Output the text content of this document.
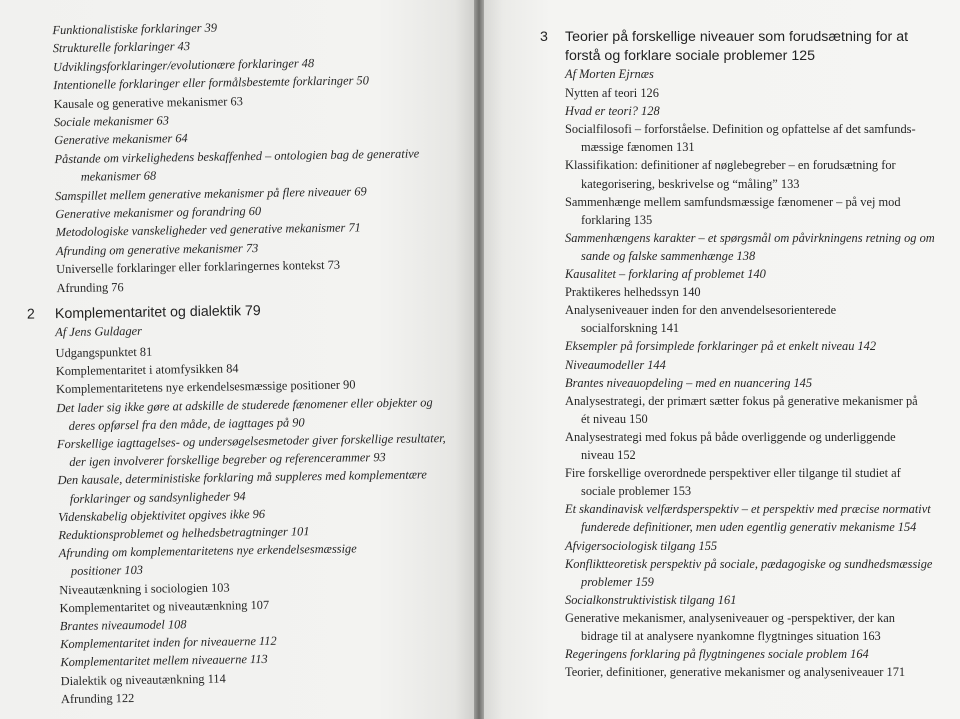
Funktionalistiske forklaringer 39
Strukturelle forklaringer 43
Udviklingsforklaringer/evolutionære forklaringer 48
Intentionelle forklaringer eller formålsbestemte forklaringer 50
Kausale og generative mekanismer 63
Sociale mekanismer 63
Generative mekanismer 64
Påstande om virkelighedens beskaffenhed – ontologien bag de generative
mekanismer 68
Samspillet mellem generative mekanismer på flere niveauer 69
Generative mekanismer og forandring 60
Metodologiske vanskeligheder ved generative mekanismer 71
Afrunding om generative mekanismer 73
Universelle forklaringer eller forklaringernes kontekst 73
Afrunding 76
2 Komplementaritet og dialektik 79
Af Jens Guldager
Udgangspunktet 81
Komplementaritet i atomfysikken 84
Komplementaritetens nye erkendelsesmæssige positioner 90
Det lader sig ikke gøre at adskille de studerede fænomener eller objekter og
deres opførsel fra den måde, de iagttages på 90
Forskellige iagttagelses- og undersøgelsesmetoder giver forskellige resultater,
der igen involverer forskellige begreber og referencerammer 93
Den kausale, deterministiske forklaring må suppleres med komplementære
forklaringer og sandsynligheder 94
Videnskabelig objektivitet opgives ikke 96
Reduktionsproblemet og helhedsbetragtninger 101
Afrunding om komplementaritetens nye erkendelsesmæssige
positioner 103
Niveautænkning i sociologien 103
Komplementaritet og niveautænkning 107
Brantes niveaumodel 108
Komplementaritet inden for niveauerne 112
Komplementaritet mellem niveauerne 113
Dialektik og niveautænkning 114
Afrunding 122
3 Teorier på forskellige niveauer som forudsætning for at
forstå og forklare sociale problemer 125
Af Morten Ejrnæs
Nytten af teori 126
Hvad er teori? 128
Socialfilosofi – forforståelse. Definition og opfattelse af det samfunds-
mæssige fænomen 131
Klassifikation: definitioner af nøglebegreber – en forudsætning for
kategorisering, beskrivelse og “måling” 133
Sammenhænge mellem samfundsmæssige fænomener – på vej mod
forklaring 135
Sammenhængens karakter – et spørgsmål om påvirkningens retning og om
sande og falske sammenhænge 138
Kausalitet – forklaring af problemet 140
Praktikeres helhedssyn 140
Analyseniveauer inden for den anvendelsesorienterede
socialforskning 141
Eksempler på forsimplede forklaringer på et enkelt niveau 142
Niveaumodeller 144
Brantes niveauopdeling – med en nuancering 145
Analysestrategi, der primært sætter fokus på generative mekanismer på
ét niveau 150
Analysestrategi med fokus på både overliggende og underliggende
niveau 152
Fire forskellige overordnede perspektiver eller tilgange til studiet af
sociale problemer 153
Et skandinavisk velfærdsperspektiv – et perspektiv med præcise normativt
funderede definitioner, men uden egentlig generativ mekanisme 154
Afvigersociologisk tilgang 155
Konfliktteoretisk perspektiv på sociale, pædagogiske og sundhedsmæssige
problemer 159
Socialkonstruktivistisk tilgang 161
Generative mekanismer, analyseniveauer og -perspektiver, der kan
bidrage til at analysere nyankomne flygtninges situation 163
Regeringens forklaring på flygtningenes sociale problem 164
Teorier, definitioner, generative mekanismer og analyseniveauer 171
